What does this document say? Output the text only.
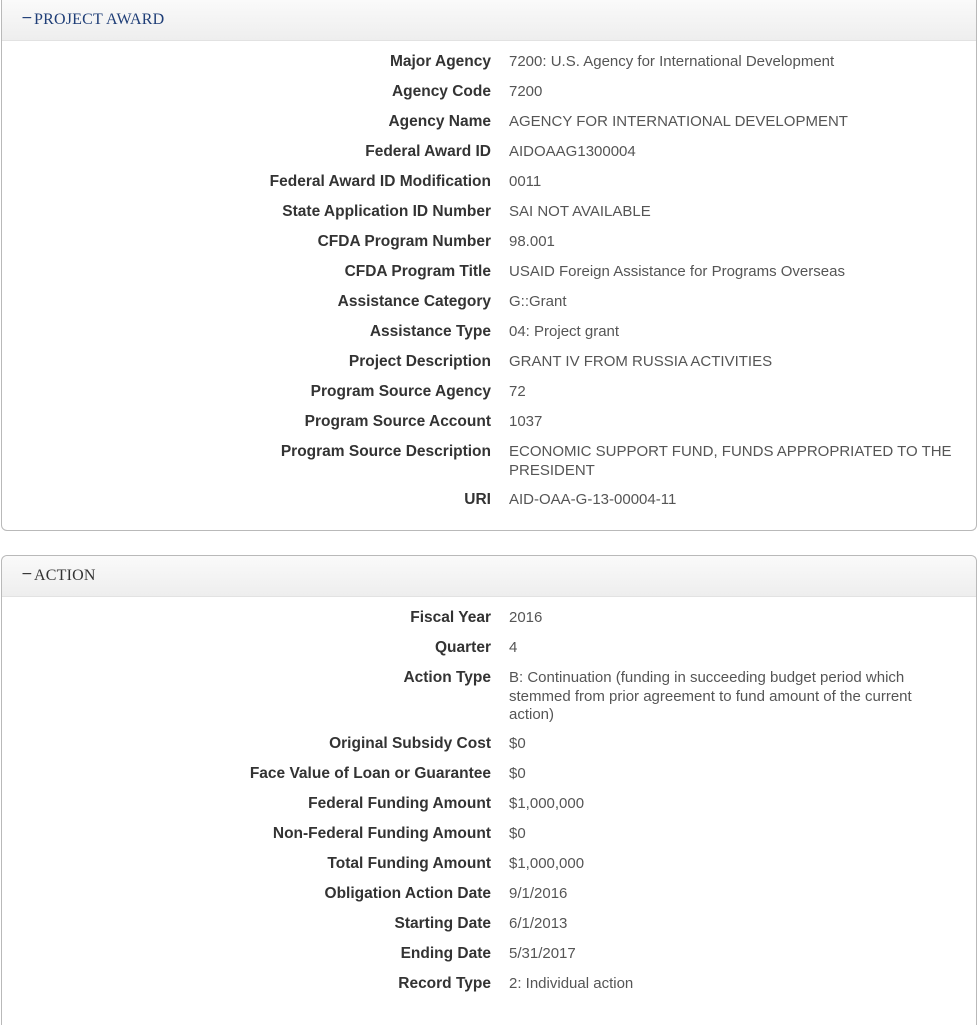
−PROJECT AWARD
Major Agency 7200: U.S. Agency for International Development
Agency Code 7200
Agency Name AGENCY FOR INTERNATIONAL DEVELOPMENT
Federal Award ID AIDOAAG1300004
Federal Award ID Modification 0011
State Application ID Number SAI NOT AVAILABLE
CFDA Program Number 98.001
CFDA Program Title USAID Foreign Assistance for Programs Overseas
Assistance Category G::Grant
Assistance Type 04: Project grant
Project Description GRANT IV FROM RUSSIA ACTIVITIES
Program Source Agency 72
Program Source Account 1037
Program Source Description ECONOMIC SUPPORT FUND, FUNDS APPROPRIATED TO THE PRESIDENT
URI AID-OAA-G-13-00004-11
−ACTION
Fiscal Year 2016
Quarter 4
Action Type B: Continuation (funding in succeeding budget period which stemmed from prior agreement to fund amount of the current action)
Original Subsidy Cost $0
Face Value of Loan or Guarantee $0
Federal Funding Amount $1,000,000
Non-Federal Funding Amount $0
Total Funding Amount $1,000,000
Obligation Action Date 9/1/2016
Starting Date 6/1/2013
Ending Date 5/31/2017
Record Type 2: Individual action
